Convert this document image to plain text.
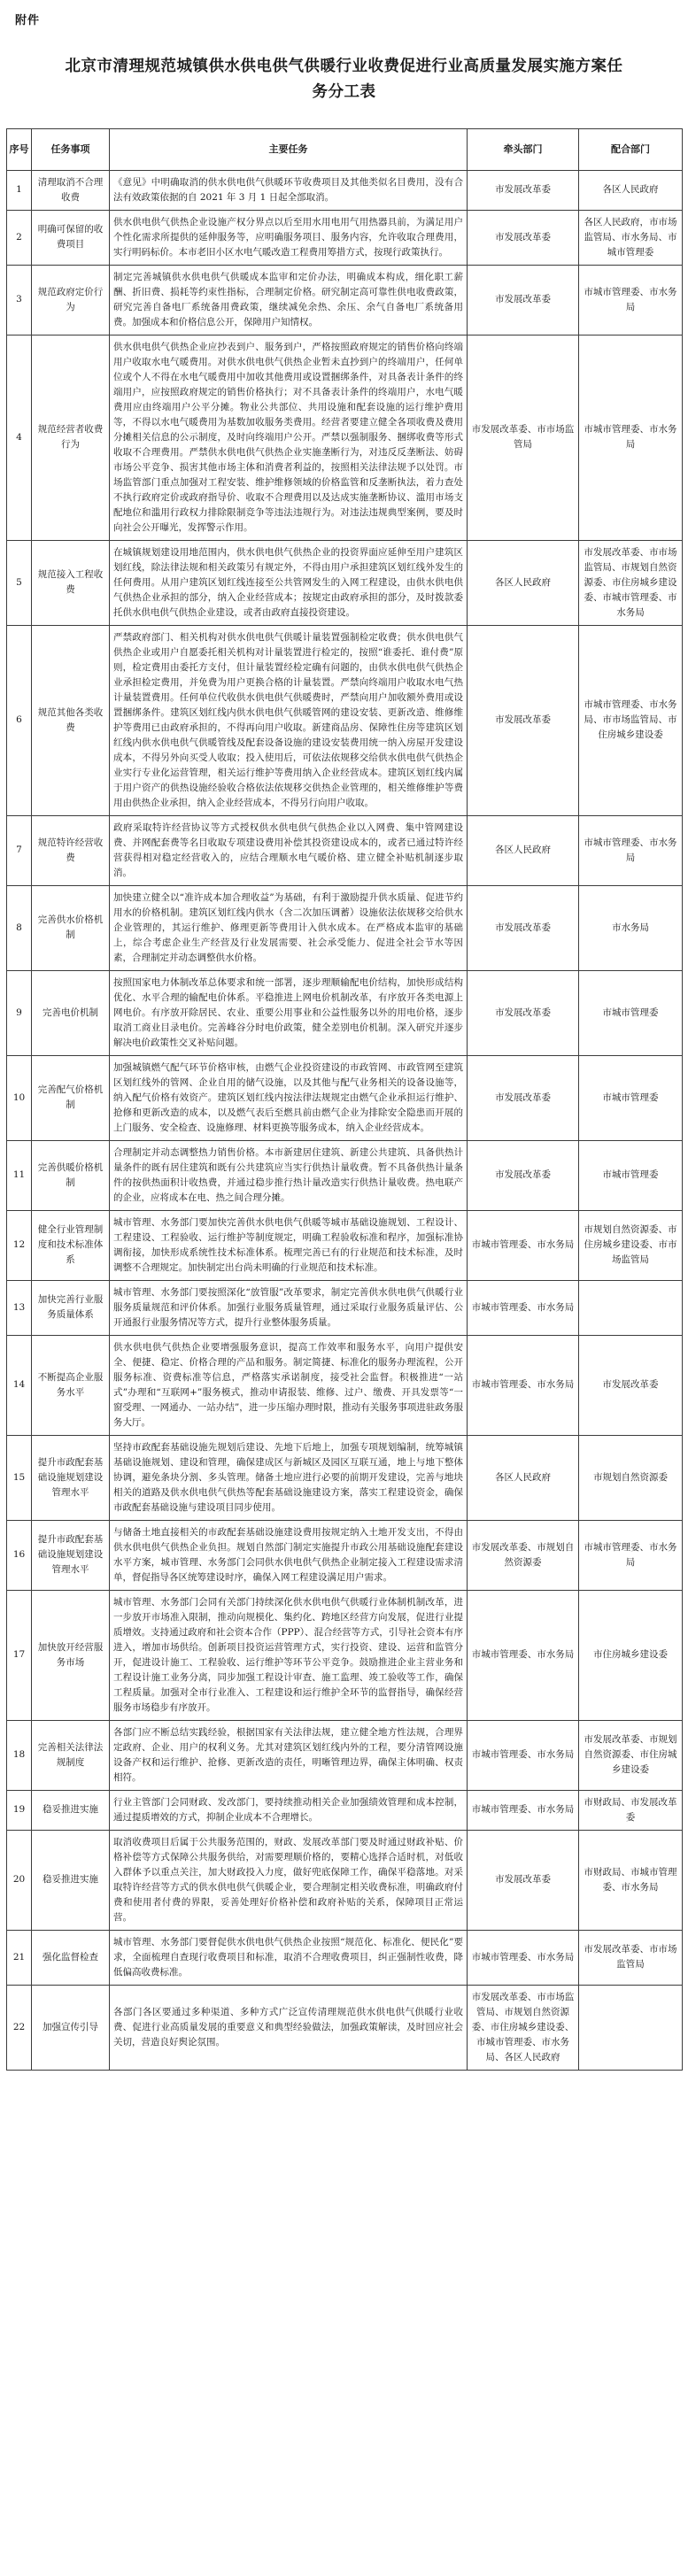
附件
北京市清理规范城镇供水供电供气供暖行业收费促进行业高质量发展实施方案任务分工表
序号	任务事项	主要任务	牵头部门	配合部门
1	清理取消不合理收费	《意见》中明确取消的供水供电供气供暖环节收费项目及其他类似名目费用，没有合法有效政策依据的自 2021 年 3 月 1 日起全部取消。	市发展改革委	各区人民政府
2	明确可保留的收费项目	供水供电供气供热企业设施产权分界点以后至用水用电用气用热器具前，为满足用户个性化需求所提供的延伸服务等，应明确服务项目、服务内容，允许收取合理费用，实行明码标价。本市老旧小区水电气暖改造工程费用筹措方式，按现行政策执行。	市发展改革委	各区人民政府，市市场监管局、市水务局、市城市管理委
3	规范政府定价行为	制定完善城镇供水供电供气供暖成本监审和定价办法，明确成本构成，细化职工薪酬、折旧费、损耗等约束性指标，合理制定价格。研究制定高可靠性供电收费政策，研究完善自备电厂系统备用费政策，继续减免余热、余压、余气自备电厂系统备用费。加强成本和价格信息公开，保障用户知情权。	市发展改革委	市城市管理委、市水务局
4	规范经营者收费行为	供水供电供气供热企业应抄表到户、服务到户，严格按照政府规定的销售价格向终端用户收取水电气暖费用。对供水供电供气供热企业暂未直抄到户的终端用户，任何单位或个人不得在水电气暖费用中加收其他费用或设置捆绑条件，对具备表计条件的终端用户，应按照政府规定的销售价格执行；对不具备表计条件的终端用户，水电气暖费用应由终端用户公平分摊。物业公共部位、共用设施和配套设施的运行维护费用等，不得以水电气暖费用为基数加收服务类费用。经营者要建立健全各项收费及费用分摊相关信息的公示制度，及时向终端用户公开。严禁以强制服务、捆绑收费等形式收取不合理费用。严禁供水供电供气供热企业实施垄断行为，对违反反垄断法、妨碍市场公平竞争、损害其他市场主体和消费者利益的，按照相关法律法规予以处罚。市场监管部门重点加强对工程安装、维护维修领域的价格监管和反垄断执法，着力查处不执行政府定价或政府指导价、收取不合理费用以及达成实施垄断协议、滥用市场支配地位和滥用行政权力排除限制竞争等违法违规行为。对违法违规典型案例，要及时向社会公开曝光，发挥警示作用。	市发展改革委、市市场监管局	市城市管理委、市水务局
5	规范接入工程收费	在城镇规划建设用地范围内，供水供电供气供热企业的投资界面应延伸至用户建筑区划红线，除法律法规和相关政策另有规定外，不得由用户承担建筑区划红线外发生的任何费用。从用户建筑区划红线连接至公共管网发生的入网工程建设，由供水供电供气供热企业承担的部分，纳入企业经营成本；按规定由政府承担的部分，及时拨款委托供水供电供气供热企业建设，或者由政府直接投资建设。	各区人民政府	市发展改革委、市市场监管局、市规划自然资源委、市住房城乡建设委、市城市管理委、市水务局
6	规范其他各类收费	严禁政府部门、相关机构对供水供电供气供暖计量装置强制检定收费；供水供电供气供热企业或用户自愿委托相关机构对计量装置进行检定的，按照“谁委托、谁付费”原则，检定费用由委托方支付，但计量装置经检定确有问题的，由供水供电供气供热企业承担检定费用，并免费为用户更换合格的计量装置。严禁向终端用户收取水电气热计量装置费用。任何单位代收供水供电供气供暖费时，严禁向用户加收额外费用或设置捆绑条件。建筑区划红线内供水供电供气供暖管网的建设安装、更新改造、维修维护等费用已由政府承担的，不得再向用户收取。新建商品房、保障性住房等建筑区划红线内供水供电供气供暖管线及配套设备设施的建设安装费用统一纳入房屋开发建设成本，不得另外向买受人收取；投入使用后，可依法依规移交给供水供电供气供热企业实行专业化运营管理，相关运行维护等费用纳入企业经营成本。建筑区划红线内属于用户资产的供热设施经验收合格依法依规移交供热企业管理的，相关维修维护等费用由供热企业承担，纳入企业经营成本，不得另行向用户收取。	市发展改革委	市城市管理委、市水务局、市市场监管局、市住房城乡建设委
7	规范特许经营收费	政府采取特许经营协议等方式授权供水供电供气供热企业以入网费、集中管网建设费、并网配套费等名目收取专项建设费用补偿其投资建设成本的，或者已通过特许经营获得相对稳定经营收入的，应结合理顺水电气暖价格、建立健全补贴机制逐步取消。	各区人民政府	市城市管理委、市水务局
8	完善供水价格机制	加快建立健全以“准许成本加合理收益”为基础，有利于激励提升供水质量、促进节约用水的价格机制。建筑区划红线内供水（含二次加压调蓄）设施依法依规移交给供水企业管理的，其运行维护、修理更新等费用计入供水成本。在严格成本监审的基础上，综合考虑企业生产经营及行业发展需要、社会承受能力、促进全社会节水等因素，合理制定并动态调整供水价格。	市发展改革委	市水务局
9	完善电价机制	按照国家电力体制改革总体要求和统一部署，逐步理顺输配电价结构，加快形成结构优化、水平合理的输配电价体系。平稳推进上网电价机制改革，有序放开各类电源上网电价。有序放开除居民、农业、重要公用事业和公益性服务以外的用电价格，逐步取消工商业目录电价。完善峰谷分时电价政策，健全差别电价机制。深入研究并逐步解决电价政策性交叉补贴问题。	市发展改革委	市城市管理委
10	完善配气价格机制	加强城镇燃气配气环节价格审核，由燃气企业投资建设的市政管网、市政管网至建筑区划红线外的管网、企业自用的储气设施，以及其他与配气业务相关的设备设施等，纳入配气价格有效资产。建筑区划红线内按法律法规规定由燃气企业承担运行维护、抢修和更新改造的成本，以及燃气表后至燃具前由燃气企业为排除安全隐患而开展的上门服务、安全检查、设施修理、材料更换等服务成本，纳入企业经营成本。	市发展改革委	市城市管理委
11	完善供暖价格机制	合理制定并动态调整热力销售价格。本市新建居住建筑、新建公共建筑、具备供热计量条件的既有居住建筑和既有公共建筑应当实行供热计量收费。暂不具备供热计量条件的按供热面积计收热费，并通过稳步推行热计量改造实行供热计量收费。热电联产的企业，应将成本在电、热之间合理分摊。	市发展改革委	市城市管理委
12	健全行业管理制度和技术标准体系	城市管理、水务部门要加快完善供水供电供气供暖等城市基础设施规划、工程设计、工程建设、工程验收、运行维护等制度规定，明确工程验收标准和程序，加强标准协调衔接，加快形成系统性技术标准体系。梳理完善已有的行业规范和技术标准，及时调整不合理规定。加快制定出台尚未明确的行业规范和技术标准。	市城市管理委、市水务局	市规划自然资源委、市住房城乡建设委、市市场监管局
13	加快完善行业服务质量体系	城市管理、水务部门要按照深化“放管服”改革要求，制定完善供水供电供气供暖行业服务质量规范和评价体系。加强行业服务质量管理，通过采取行业服务质量评估、公开通报行业服务情况等方式，提升行业整体服务质量。	市城市管理委、市水务局	
14	不断提高企业服务水平	供水供电供气供热企业要增强服务意识，提高工作效率和服务水平，向用户提供安全、便捷、稳定、价格合理的产品和服务。制定简捷、标准化的服务办理流程，公开服务标准、资费标准等信息，严格落实承诺制度，接受社会监督。积极推进“一站式”办理和“互联网+”服务模式，推动申请报装、维修、过户、缴费、开具发票等“一窗受理、一网通办、一站办结”，进一步压缩办理时限，推动有关服务事项进驻政务服务大厅。	市城市管理委、市水务局	市发展改革委
15	提升市政配套基础设施规划建设管理水平	坚持市政配套基础设施先规划后建设、先地下后地上，加强专项规划编制，统筹城镇基础设施规划、建设和管理，确保建成区与新城区及园区互联互通，地上与地下整体协调，避免条块分割、多头管理。储备土地应进行必要的前期开发建设，完善与地块相关的道路及供水供电供气供热等配套基础设施建设方案，落实工程建设资金，确保市政配套基础设施与建设项目同步使用。	各区人民政府	市规划自然资源委
16	提升市政配套基础设施规划建设管理水平	与储备土地直接相关的市政配套基础设施建设费用按规定纳入土地开发支出，不得由供水供电供气供热企业负担。规划自然部门制定实施提升市政公用基础设施配套建设水平方案，城市管理、水务部门会同供水供电供气供热企业制定接入工程建设需求清单，督促指导各区统筹建设时序，确保入网工程建设满足用户需求。	市发展改革委、市规划自然资源委	市城市管理委、市水务局
17	加快放开经营服务市场	城市管理、水务部门会同有关部门持续深化供水供电供气供暖行业体制机制改革，进一步放开市场准入限制，推动向规模化、集约化、跨地区经营方向发展，促进行业提质增效。支持通过政府和社会资本合作（PPP）、混合经营等方式，引导社会资本有序进入，增加市场供给。创新项目投资运营管理方式，实行投资、建设、运营和监管分开，促进设计施工、工程验收、运行维护等环节公平竞争。鼓励推进企业主营业务和工程设计施工业务分离，同步加强工程设计审查、施工监理、竣工验收等工作，确保工程质量。加强对全市行业准入、工程建设和运行维护全环节的监督指导，确保经营服务市场稳步有序放开。	市城市管理委、市水务局	市住房城乡建设委
18	完善相关法律法规制度	各部门应不断总结实践经验，根据国家有关法律法规，建立健全地方性法规，合理界定政府、企业、用户的权利义务。尤其对建筑区划红线内外的工程，要分清管网设施设备产权和运行维护、抢修、更新改造的责任，明晰管理边界，确保主体明确、权责相符。	市城市管理委、市水务局	市发展改革委、市规划自然资源委、市住房城乡建设委
19	稳妥推进实施	行业主管部门会同财政、发改部门，要持续推动相关企业加强绩效管理和成本控制，通过提质增效的方式，抑制企业成本不合理增长。	市城市管理委、市水务局	市财政局、市发展改革委
20	稳妥推进实施	取消收费项目后属于公共服务范围的，财政、发展改革部门要及时通过财政补贴、价格补偿等方式保障公共服务供给，对需要理顺价格的，要精心选择合适时机，对低收入群体予以重点关注，加大财政投入力度，做好兜底保障工作，确保平稳落地。对采取特许经营等方式的供水供电供气供暖企业，要合理制定相关收费标准，明确政府付费和使用者付费的界限，妥善处理好价格补偿和政府补贴的关系，保障项目正常运营。	市发展改革委	市财政局、市城市管理委、市水务局
21	强化监督检查	城市管理、水务部门要督促供水供电供气供热企业按照“规范化、标准化、便民化”要求，全面梳理自查现行收费项目和标准，取消不合理收费项目，纠正强制性收费，降低偏高收费标准。	市城市管理委、市水务局	市发展改革委、市市场监管局
22	加强宣传引导	各部门各区要通过多种渠道、多种方式广泛宣传清理规范供水供电供气供暖行业收费、促进行业高质量发展的重要意义和典型经验做法，加强政策解读，及时回应社会关切，营造良好舆论氛围。	市发展改革委、市市场监管局、市规划自然资源委、市住房城乡建设委、市城市管理委、市水务局、各区人民政府	
